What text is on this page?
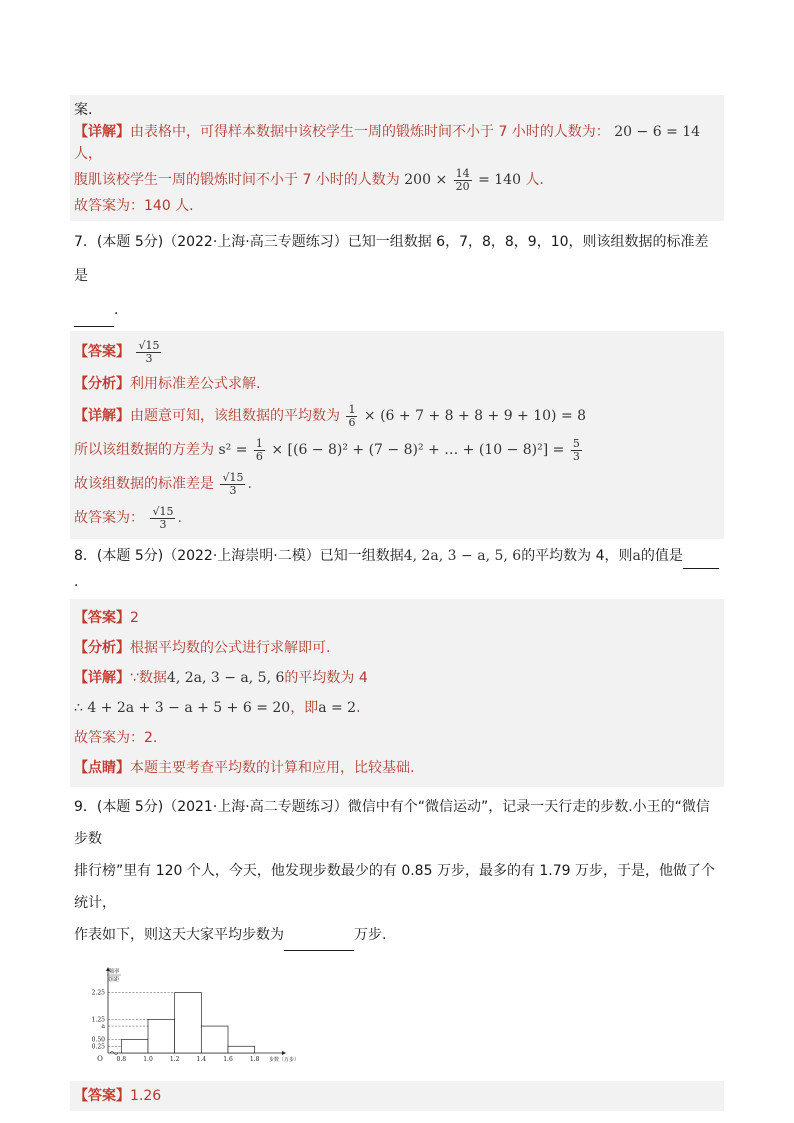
案.
【详解】由表格中，可得样本数据中该校学生一周的锻炼时间不小于 7 小时的人数为： 20 − 6 = 14 人，
腹肌该校学生一周的锻炼时间不小于 7 小时的人数为 $200 \times \frac{14}{20} = 140$ 人.
故答案为：140 人.
7．(本题 5分)（2022·上海·高三专题练习）已知一组数据 6，7，8，8，9，10，则该组数据的标准差是
.
【答案】 $\frac{√15}{3}$
【分析】利用标准差公式求解.
【详解】由题意可知，该组数据的平均数为 $\frac{1}{6} \times (6 + 7 + 8 + 8 + 9 + 10) = 8$
所以该组数据的方差为 $s^2 = \frac{1}{6} \times [(6 - 8)^2 + (7 - 8)^2$ + … + $(10 - 8)^2] = \frac{5}{3}$
故该组数据的标准差是 $\frac{√15}{3}$ .
故答案为： $\frac{√15}{3}$ .
8．(本题 5分)（2022·上海崇明·二模）已知一组数据4, 2a, 3 − a, 5, 6的平均数为 4，则a的值是.
【答案】2
【分析】根据平均数的公式进行求解即可.
【详解】∵数据4, 2a, 3 − a, 5, 6的平均数为 4
∴ 4 + 2a + 3 − a + 5 + 6 = 20，即a = 2.
故答案为：2.
【点睛】本题主要考查平均数的计算和应用，比较基础.
9．(本题 5分)（2021·上海·高二专题练习）微信中有个“微信运动”，记录一天行走的步数.小王的“微信步数
排行榜”里有 120 个人，今天，他发现步数最少的有 0.85 万步，最多的有 1.79 万步，于是，他做了个统计，
作表如下，则这天大家平均步数为	万步.
频率
组距
2.25
1.25
a
0.50
0.25
0.8	1.0	1.2	1.4	1.6	1.8 步数（万步）
O
【答案】1.26
